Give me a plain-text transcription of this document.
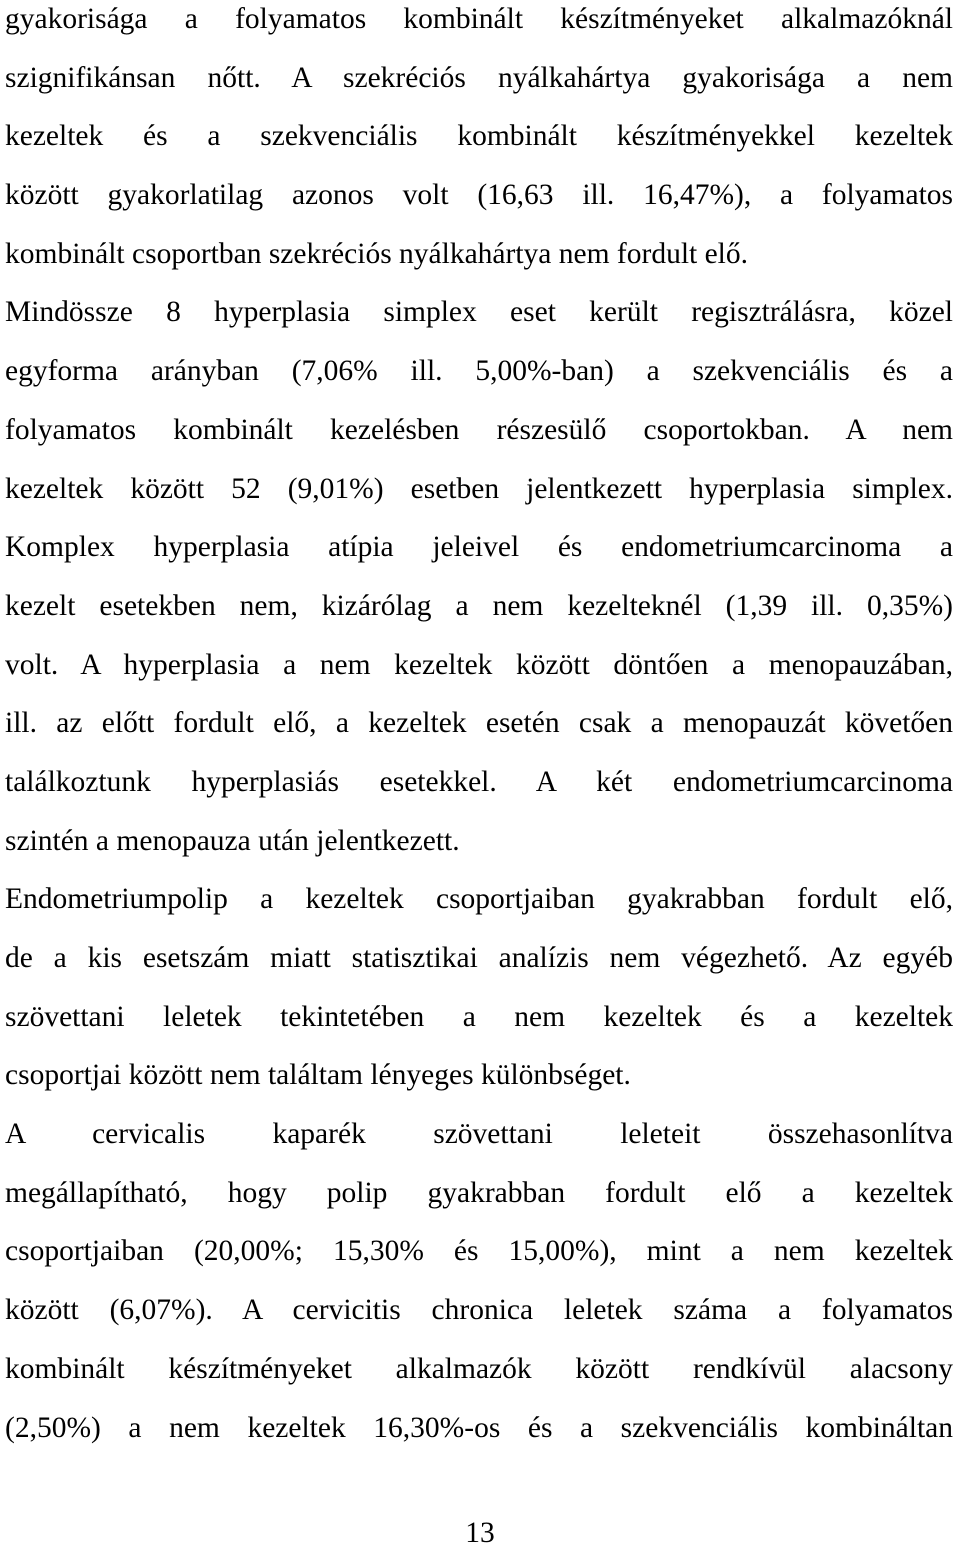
gyakorisága a folyamatos kombinált készítményeket alkalmazóknál
szignifikánsan nőtt. A szekréciós nyálkahártya gyakorisága a nem
kezeltek és a szekvenciális kombinált készítményekkel kezeltek
között gyakorlatilag azonos volt (16,63 ill. 16,47%), a folyamatos
kombinált csoportban szekréciós nyálkahártya nem fordult elő.
Mindössze 8 hyperplasia simplex eset került regisztrálásra, közel
egyforma arányban (7,06% ill. 5,00%-ban) a szekvenciális és a
folyamatos kombinált kezelésben részesülő csoportokban. A nem
kezeltek között 52 (9,01%) esetben jelentkezett hyperplasia simplex.
Komplex hyperplasia atípia jeleivel és endometriumcarcinoma a
kezelt esetekben nem, kizárólag a nem kezelteknél (1,39 ill. 0,35%)
volt. A hyperplasia a nem kezeltek között döntően a menopauzában,
ill. az előtt fordult elő, a kezeltek esetén csak a menopauzát követően
találkoztunk hyperplasiás esetekkel. A két endometriumcarcinoma
szintén a menopauza után jelentkezett.
Endometriumpolip a kezeltek csoportjaiban gyakrabban fordult elő,
de a kis esetszám miatt statisztikai analízis nem végezhető. Az egyéb
szövettani leletek tekintetében a nem kezeltek és a kezeltek
csoportjai között nem találtam lényeges különbséget.
A cervicalis kaparék szövettani leleteit összehasonlítva
megállapítható, hogy polip gyakrabban fordult elő a kezeltek
csoportjaiban (20,00%; 15,30% és 15,00%), mint a nem kezeltek
között (6,07%). A cervicitis chronica leletek száma a folyamatos
kombinált készítményeket alkalmazók között rendkívül alacsony
(2,50%) a nem kezeltek 16,30%-os és a szekvenciális kombináltan
13
